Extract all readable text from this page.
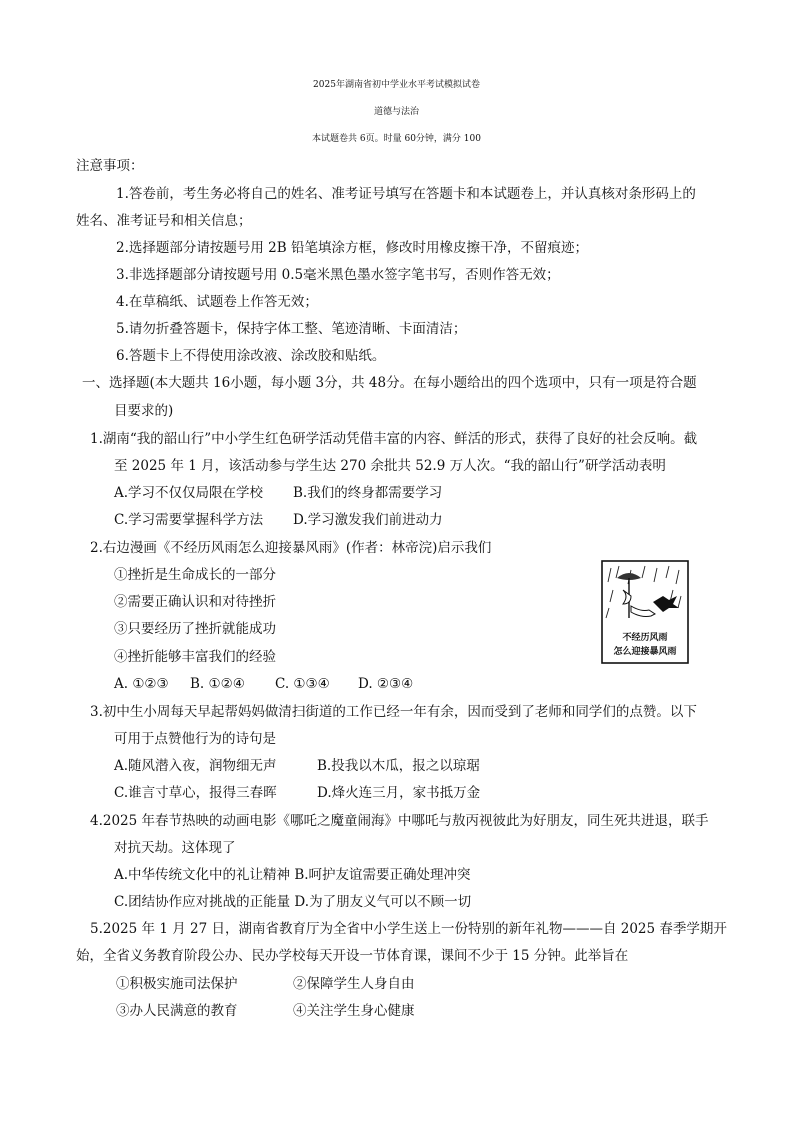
2025年湖南省初中学业水平考试模拟试卷
道德与法治
本试题卷共 6页。时量 60分钟，满分 100
注意事项：
1.答卷前，考生务必将自己的姓名、准考证号填写在答题卡和本试题卷上，并认真核对条形码上的
姓名、准考证号和相关信息；
2.选择题部分请按题号用 2B 铅笔填涂方框，修改时用橡皮擦干净，不留痕迹；
3.非选择题部分请按题号用 0.5毫米黑色墨水签字笔书写，否则作答无效；
4.在草稿纸、试题卷上作答无效；
5.请勿折叠答题卡，保持字体工整、笔迹清晰、卡面清洁；
6.答题卡上不得使用涂改液、涂改胶和贴纸。
一、选择题(本大题共 16小题，每小题 3分，共 48分。在每小题给出的四个选项中，只有一项是符合题
目要求的)
1.湖南“我的韶山行”中小学生红色研学活动凭借丰富的内容、鲜活的形式，获得了良好的社会反响。截
至 2025 年 1 月，该活动参与学生达 270 余批共 52.9 万人次。“我的韶山行”研学活动表明
A.学习不仅仅局限在学校 B.我们的终身都需要学习
C.学习需要掌握科学方法 D.学习激发我们前进动力
2.右边漫画《不经历风雨怎么迎接暴风雨》(作者：林帝浣)启示我们
①挫折是生命成长的一部分
②需要正确认识和对待挫折
③只要经历了挫折就能成功
④挫折能够丰富我们的经验
A. ①②③ B. ①②④ C. ①③④ D. ②③④
不经历风雨
怎么迎接暴风雨
3.初中生小周每天早起帮妈妈做清扫街道的工作已经一年有余，因而受到了老师和同学们的点赞。以下
可用于点赞他行为的诗句是
A.随风潜入夜，润物细无声	B.投我以木瓜，报之以琼琚
C.谁言寸草心，报得三春晖	D.烽火连三月，家书抵万金
4.2025 年春节热映的动画电影《哪吒之魔童闹海》中哪吒与敖丙视彼此为好朋友，同生死共进退，联手
对抗天劫。这体现了
A.中华传统文化中的礼让精神 B.呵护友谊需要正确处理冲突
C.团结协作应对挑战的正能量 D.为了朋友义气可以不顾一切
5.2025 年 1 月 27 日，湖南省教育厅为全省中小学生送上一份特别的新年礼物———自 2025 春季学期开
始，全省义务教育阶段公办、民办学校每天开设一节体育课，课间不少于 15 分钟。此举旨在
①积极实施司法保护	②保障学生人身自由
③办人民满意的教育	④关注学生身心健康
